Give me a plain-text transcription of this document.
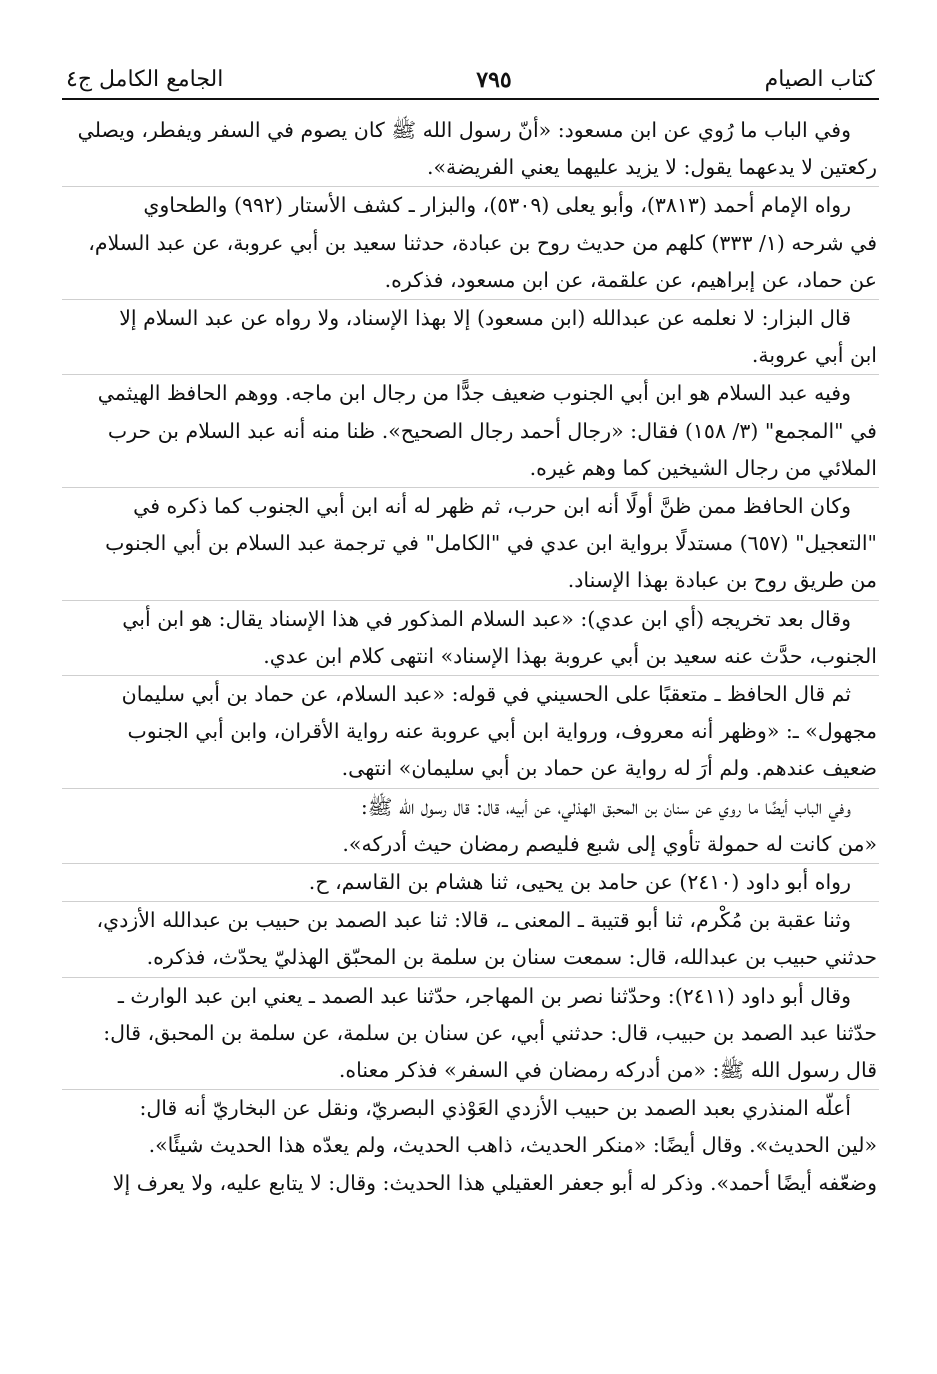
كتاب الصيام
٧٩٥
الجامع الكامل ج٤
وفي الباب ما رُوي عن ابن مسعود: «أنّ رسول الله ﷺ كان يصوم في السفر ويفطر، ويصلي
ركعتين لا يدعهما يقول: لا يزيد عليهما يعني الفريضة».
رواه الإمام أحمد (٣٨١٣)، وأبو يعلى (٥٣٠٩)، والبزار ـ كشف الأستار (٩٩٢) والطحاوي
في شرحه (١/ ٣٣٣) كلهم من حديث روح بن عبادة، حدثنا سعيد بن أبي عروبة، عن عبد السلام،
عن حماد، عن إبراهيم، عن علقمة، عن ابن مسعود، فذكره.
قال البزار: لا نعلمه عن عبدالله (ابن مسعود) إلا بهذا الإسناد، ولا رواه عن عبد السلام إلا
ابن أبي عروبة.
وفيه عبد السلام هو ابن أبي الجنوب ضعيف جدًّا من رجال ابن ماجه. ووهم الحافظ الهيثمي
في "المجمع" (٣/ ١٥٨) فقال: «رجال أحمد رجال الصحيح». ظنا منه أنه عبد السلام بن حرب
الملائي من رجال الشيخين كما وهم غيره.
وكان الحافظ ممن ظنَّ أولًا أنه ابن حرب، ثم ظهر له أنه ابن أبي الجنوب كما ذكره في
"التعجيل" (٦٥٧) مستدلًا برواية ابن عدي في "الكامل" في ترجمة عبد السلام بن أبي الجنوب
من طريق روح بن عبادة بهذا الإسناد.
وقال بعد تخريجه (أي ابن عدي): «عبد السلام المذكور في هذا الإسناد يقال: هو ابن أبي
الجنوب، حدَّث عنه سعيد بن أبي عروبة بهذا الإسناد» انتهى كلام ابن عدي.
ثم قال الحافظ ـ متعقبًا على الحسيني في قوله: «عبد السلام، عن حماد بن أبي سليمان
مجهول» ـ: «وظهر أنه معروف، ورواية ابن أبي عروبة عنه رواية الأقران، وابن أبي الجنوب
ضعيف عندهم. ولم أرَ له رواية عن حماد بن أبي سليمان» انتهى.
وفي الباب أيضًا ما روي عن سنان بن المحبق الهذلي، عن أبيه، قال: قال رسول الله ﷺ:
«من كانت له حمولة تأوي إلى شبع فليصم رمضان حيث أدركه».
رواه أبو داود (٢٤١٠) عن حامد بن يحيى، ثنا هشام بن القاسم، ح.
وثنا عقبة بن مُكْرم، ثنا أبو قتيبة ـ المعنى ـ، قالا: ثنا عبد الصمد بن حبيب بن عبدالله الأزدي،
حدثني حبيب بن عبدالله، قال: سمعت سنان بن سلمة بن المحبّق الهذليّ يحدّث، فذكره.
وقال أبو داود (٢٤١١): وحدّثنا نصر بن المهاجر، حدّثنا عبد الصمد ـ يعني ابن عبد الوارث ـ
حدّثنا عبد الصمد بن حبيب، قال: حدثني أبي، عن سنان بن سلمة، عن سلمة بن المحبق، قال:
قال رسول الله ﷺ: «من أدركه رمضان في السفر» فذكر معناه.
أعلّه المنذري بعبد الصمد بن حبيب الأزدي العَوْذي البصريّ، ونقل عن البخاريّ أنه قال:
«لين الحديث». وقال أيضًا: «منكر الحديث، ذاهب الحديث، ولم يعدّه هذا الحديث شيئًا».
وضعّفه أيضًا أحمد». وذكر له أبو جعفر العقيلي هذا الحديث: وقال: لا يتابع عليه، ولا يعرف إلا
